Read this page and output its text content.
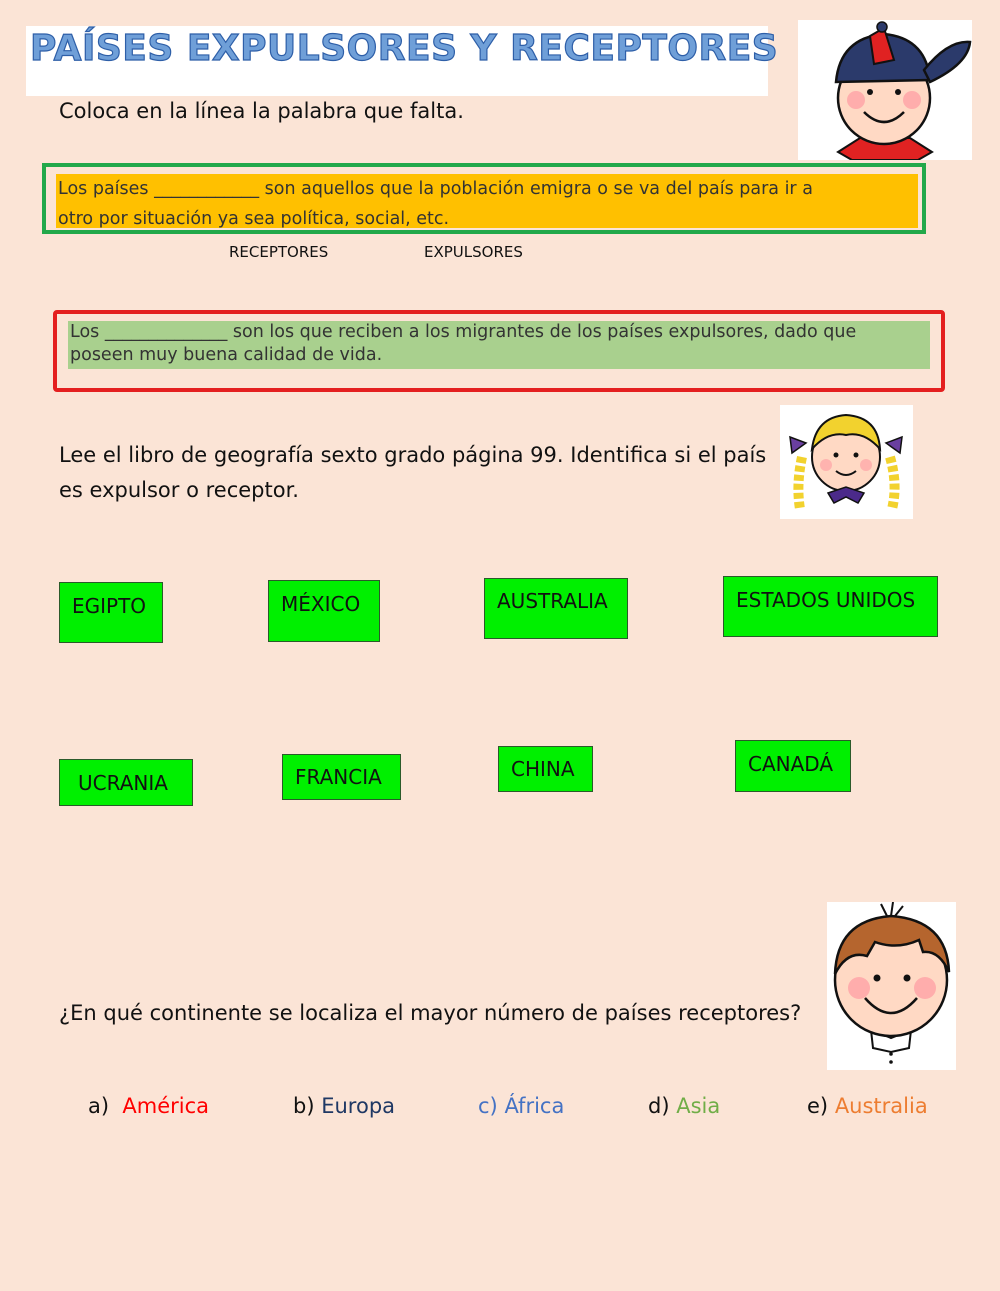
PAÍSES EXPULSORES Y RECEPTORES
Coloca en la línea la palabra que falta.
Los países ____________ son aquellos que la población emigra o se va del país para ir a
otro por situación ya sea política, social, etc.
RECEPTORES	EXPULSORES
Los ______________ son los que reciben a los migrantes de los países expulsores, dado que
poseen muy buena calidad de vida.
Lee el libro de geografía sexto grado página 99. Identifica si el país
es expulsor o receptor.
EGIPTO	MÉXICO	AUSTRALIA	ESTADOS UNIDOS
UCRANIA	FRANCIA	CHINA	CANADÁ
¿En qué continente se localiza el mayor número de países receptores?
a) América	b) Europa	c) África	d) Asia	e) Australia
